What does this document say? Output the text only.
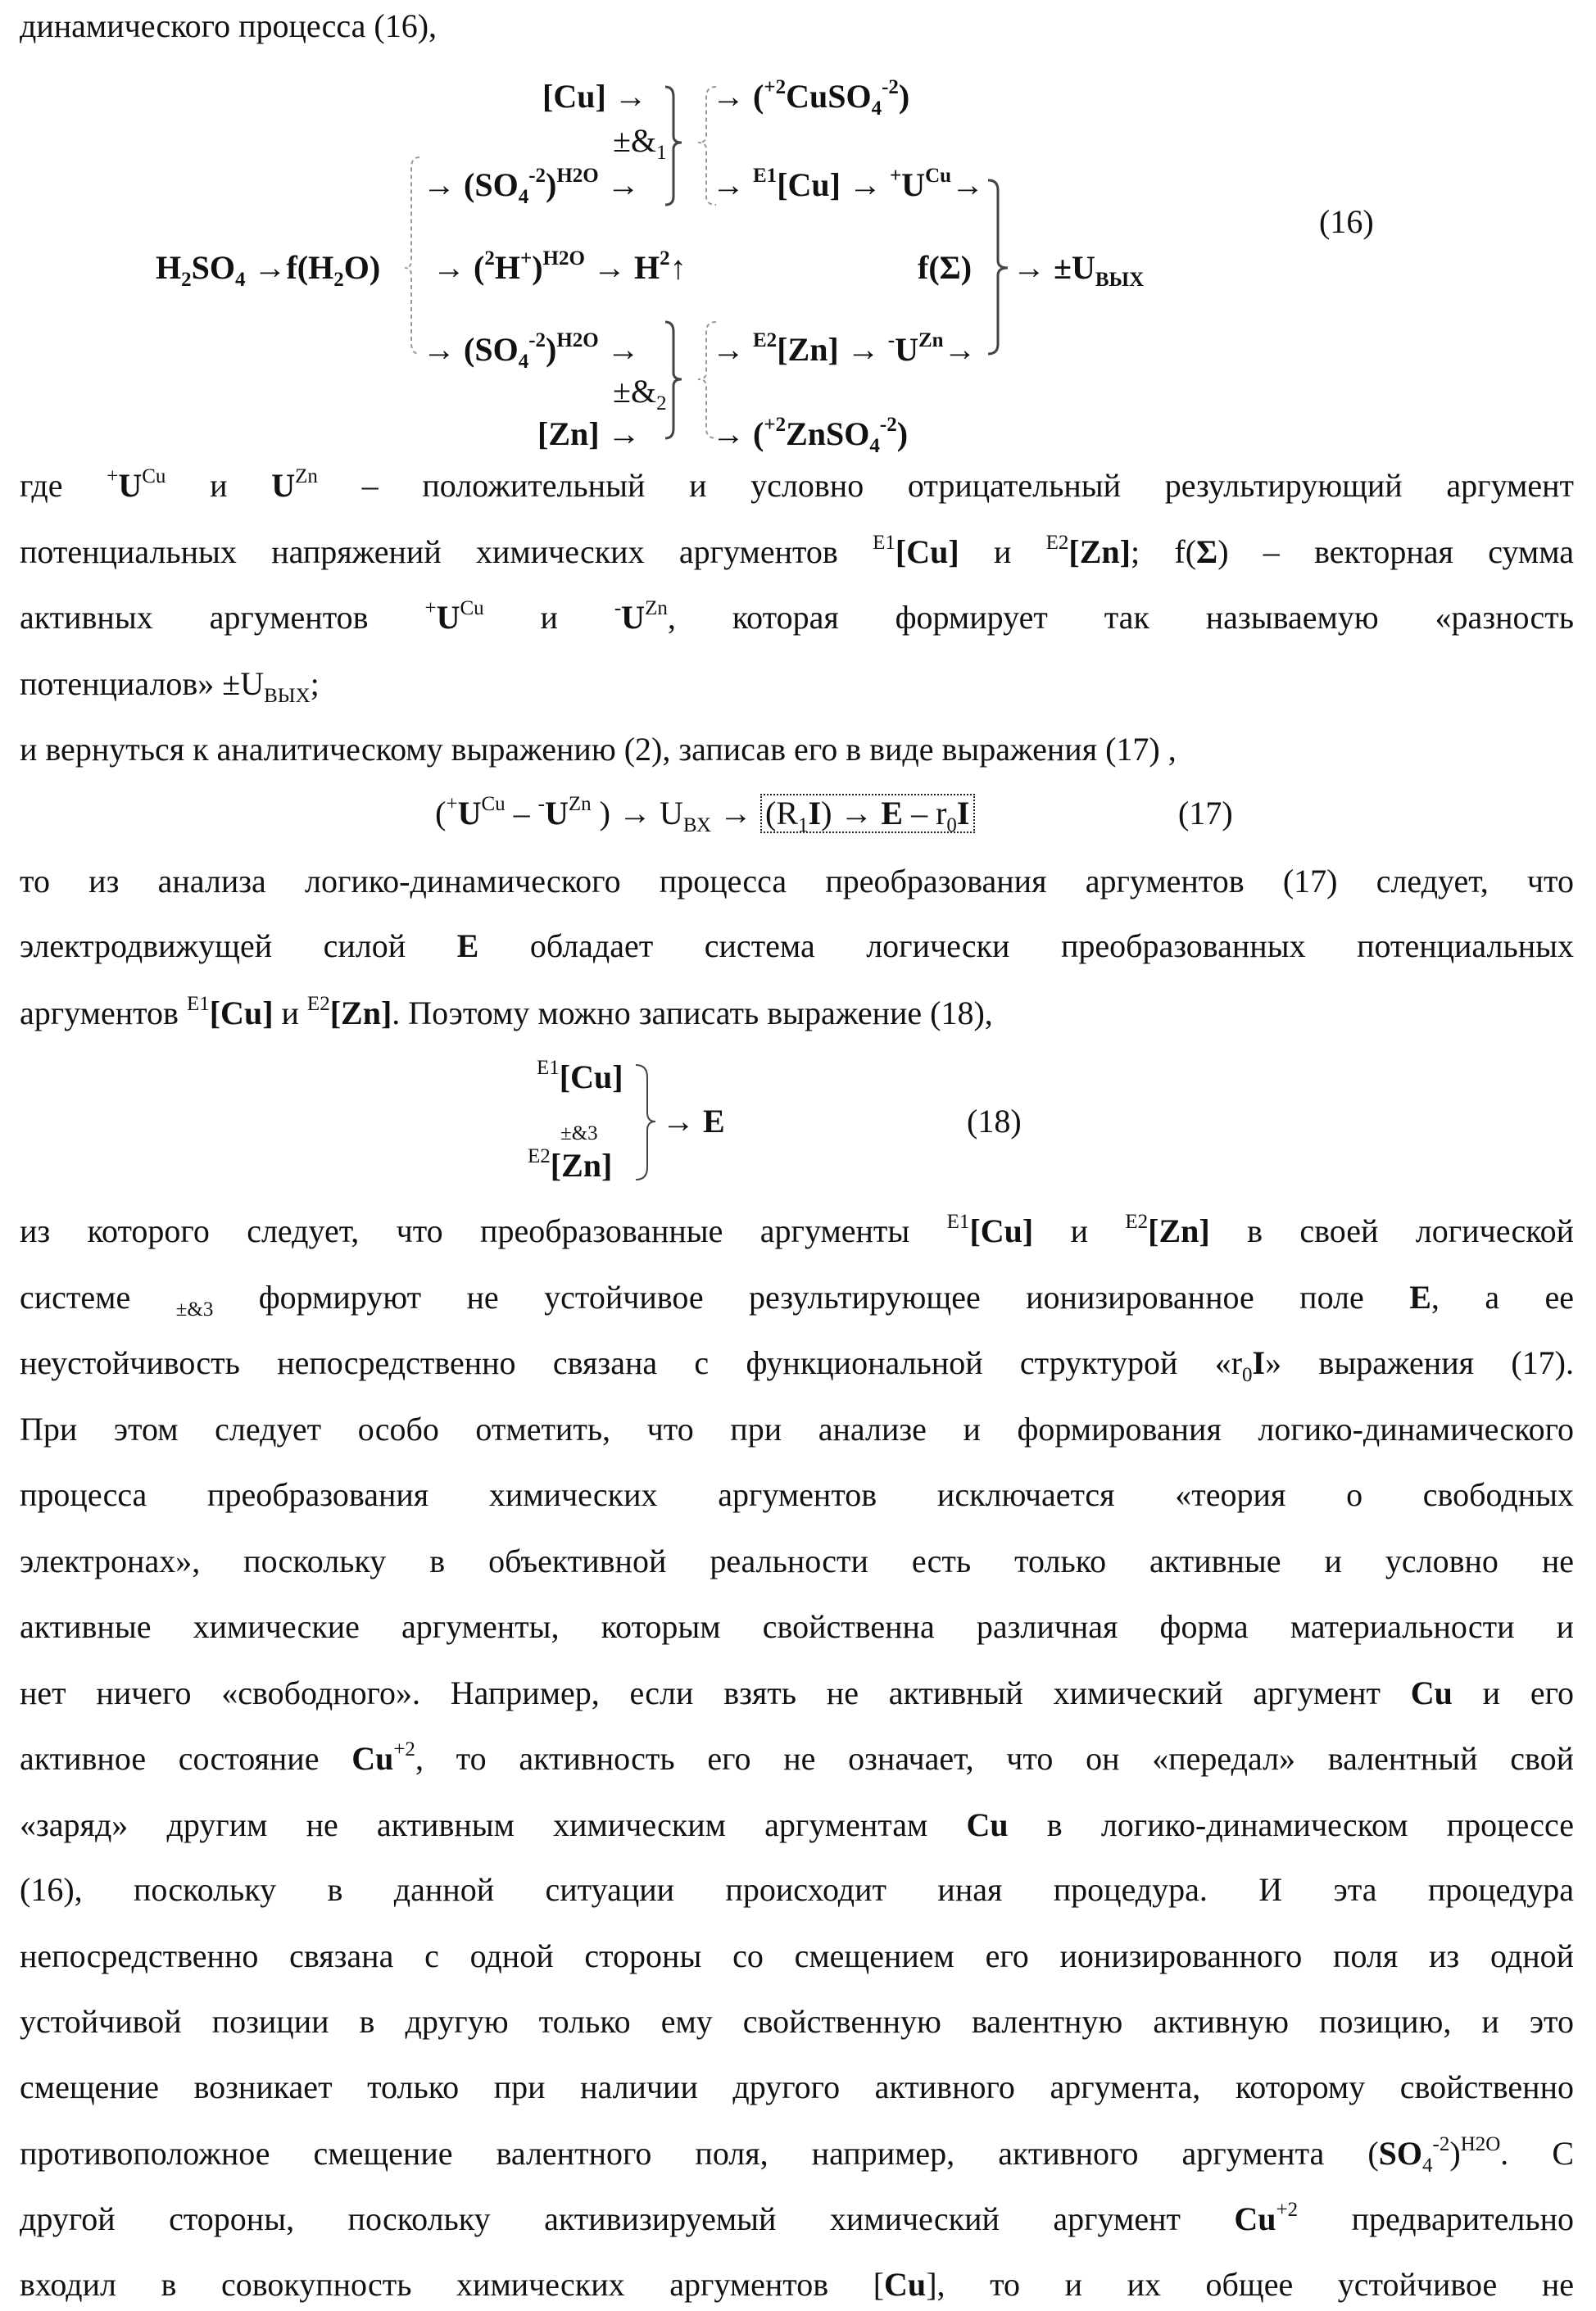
динамического процесса (16),
где +UCu и UZn – положительный и условно отрицательный результирующий аргумент
потенциальных напряжений химических аргументов E1[Cu] и E2[Zn]; f(Σ) – векторная сумма
активных аргументов +UCu и -UZn, которая формирует так называемую «разность
потенциалов» ±UВЫХ;
и вернуться к аналитическому выражению (2), записав его в виде выражения (17) ,
то из анализа логико-динамического процесса преобразования аргументов (17) следует, что
электродвижущей силой E обладает система логически преобразованных потенциальных
аргументов E1[Cu] и E2[Zn]. Поэтому можно записать выражение (18),
из которого следует, что преобразованные аргументы E1[Cu] и E2[Zn] в своей логической
системе ±&3 формируют не устойчивое результирующее ионизированное поле E, а ее
неустойчивость непосредственно связана с функциональной структурой «r0I» выражения (17).
При этом следует особо отметить, что при анализе и формирования логико-динамического
процесса преобразования химических аргументов исключается «теория о свободных
электронах», поскольку в объективной реальности есть только активные и условно не
активные химические аргументы, которым свойственна различная форма материальности и
нет ничего «свободного». Например, если взять не активный химический аргумент Cu и его
активное состояние Cu+2, то активность его не означает, что он «передал» валентный свой
«заряд» другим не активным химическим аргументам Cu в логико-динамическом процессе
(16), поскольку в данной ситуации происходит иная процедура. И эта процедура
непосредственно связана с одной стороны со смещением его ионизированного поля из одной
устойчивой позиции в другую только ему свойственную валентную активную позицию, и это
смещение возникает только при наличии другого активного аргумента, которому свойственно
противоположное смещение валентного поля, например, активного аргумента (SO4-2)H2O. С
другой стороны, поскольку активизируемый химический аргумент Cu+2 предварительно
входил в совокупность химических аргументов [Cu], то и их общее устойчивое не
H2SO4 →f(H2O)
→ (SO4-2)H2O →
→ (2H+)H2O → H2↑
→ (SO4-2)H2O →
[Cu] →
±&1
→ (+2CuSO4-2)
→ E1[Cu] → +UCu→
→ E2[Zn] → -UZn→
±&2
[Zn] → → (+2ZnSO4-2)
f(Σ) → ±UВЫХ
(16)
(+UCu – -UZn ) → UВХ → (R1I) → E – r0I	(17)
E1[Cu]
±&3
E2[Zn]
→ E	(18)
